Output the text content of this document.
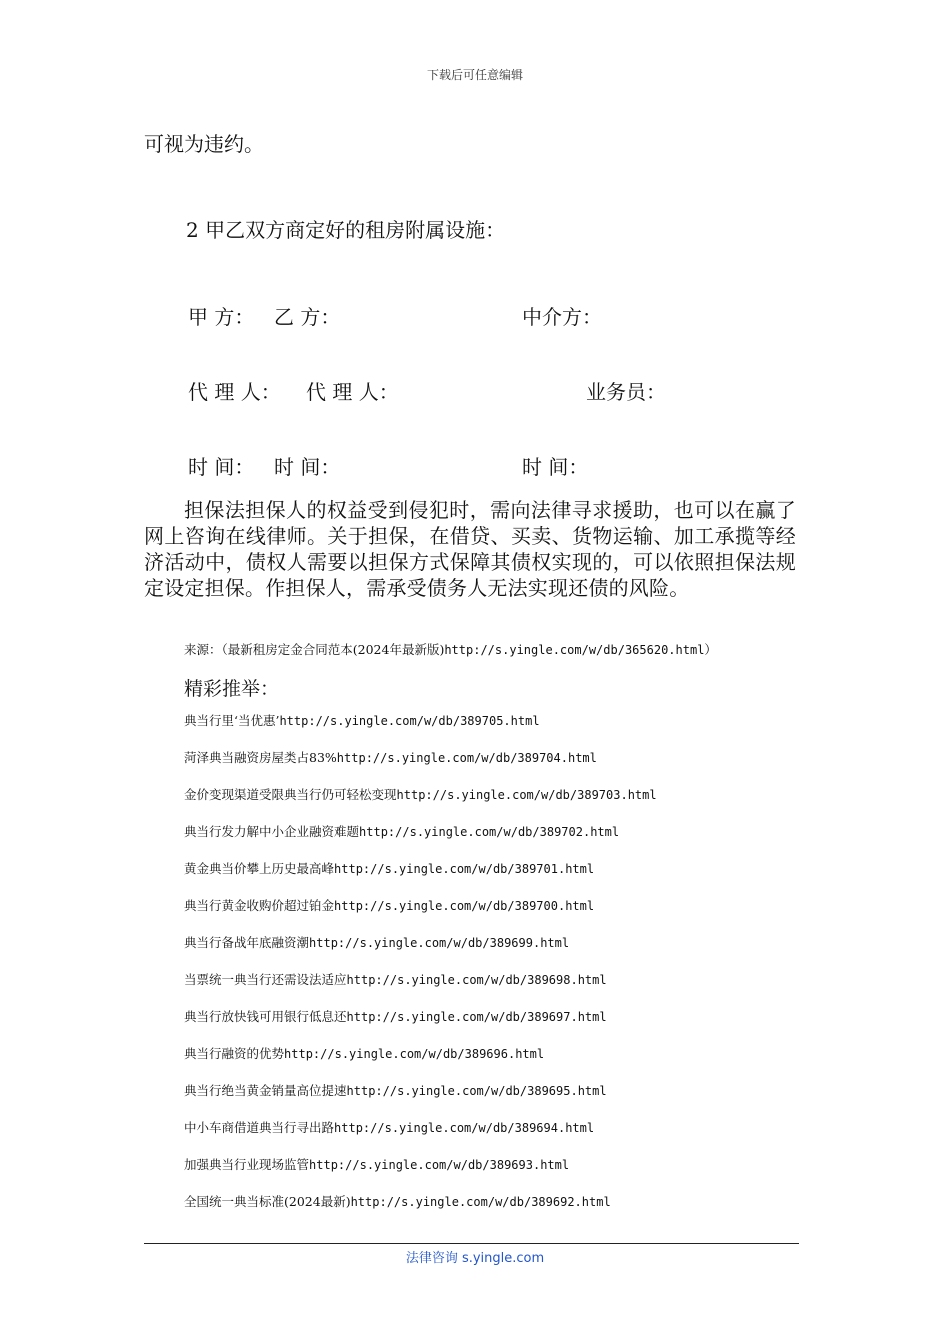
下载后可任意编辑
可视为违约。
2 甲乙双方商定好的租房附属设施：
甲 方： 乙 方：	中介方：
代 理 人： 代 理 人：	业务员：
时 间： 时 间：	时 间：
担保法担保人的权益受到侵犯时，需向法律寻求援助，也可以在赢了网上咨询在线律师。关于担保，在借贷、买卖、货物运输、加工承揽等经济活动中，债权人需要以担保方式保障其债权实现的，可以依照担保法规定设定担保。作担保人，需承受债务人无法实现还债的风险。
来源：（最新租房定金合同范本(2024年最新版)http://s.yingle.com/w/db/365620.html）
精彩推举：
典当行里‘当优惠’http://s.yingle.com/w/db/389705.html
菏泽典当融资房屋类占83%http://s.yingle.com/w/db/389704.html
金价变现渠道受限典当行仍可轻松变现http://s.yingle.com/w/db/389703.html
典当行发力解中小企业融资难题http://s.yingle.com/w/db/389702.html
黄金典当价攀上历史最高峰http://s.yingle.com/w/db/389701.html
典当行黄金收购价超过铂金http://s.yingle.com/w/db/389700.html
典当行备战年底融资潮http://s.yingle.com/w/db/389699.html
当票统一典当行还需设法适应http://s.yingle.com/w/db/389698.html
典当行放快钱可用银行低息还http://s.yingle.com/w/db/389697.html
典当行融资的优势http://s.yingle.com/w/db/389696.html
典当行绝当黄金销量高位提速http://s.yingle.com/w/db/389695.html
中小车商借道典当行寻出路http://s.yingle.com/w/db/389694.html
加强典当行业现场监管http://s.yingle.com/w/db/389693.html
全国统一典当标准(2024最新)http://s.yingle.com/w/db/389692.html
法律咨询 s.yingle.com
